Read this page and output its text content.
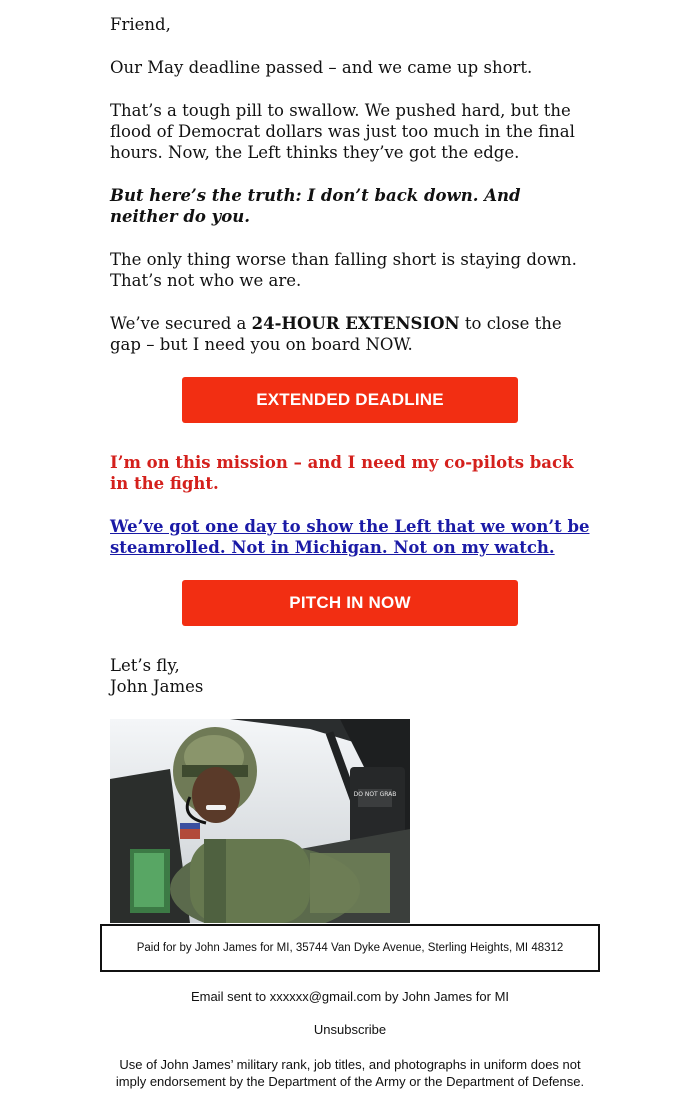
Friend,

Our May deadline passed – and we came up short.

That’s a tough pill to swallow. We pushed hard, but the flood of Democrat dollars was just too much in the final hours. Now, the Left thinks they’ve got the edge.

But here’s the truth: I don’t back down. And neither do you.

The only thing worse than falling short is staying down. That’s not who we are.

We’ve secured a 24-HOUR EXTENSION to close the gap – but I need you on board NOW.

EXTENDED DEADLINE

I’m on this mission – and I need my co-pilots back in the fight.

We’ve got one day to show the Left that we won’t be steamrolled. Not in Michigan. Not on my watch.

PITCH IN NOW
Let’s fly,
John James
DO NOT GRAB
Paid for by John James for MI, 35744 Van Dyke Avenue, Sterling Heights, MI 48312
Email sent to xxxxxx@gmail.com by John James for MI
Unsubscribe
Use of John James’ military rank, job titles, and photographs in uniform does not imply endorsement by the Department of the Army or the Department of Defense.
